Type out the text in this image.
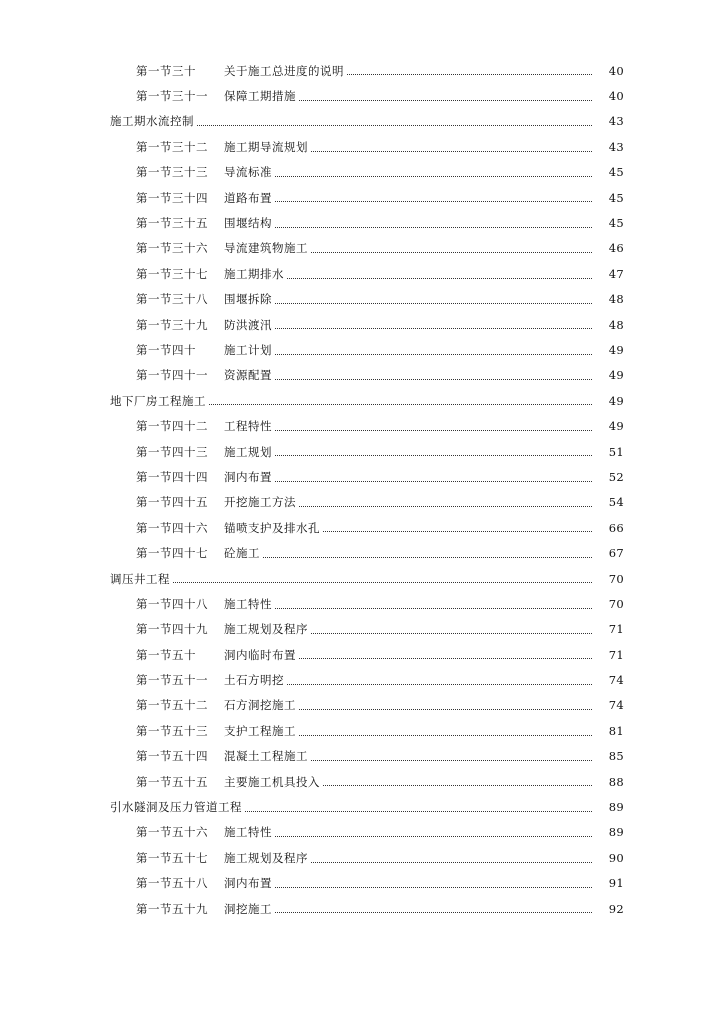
第一节三十	关于施工总进度的说明	40
第一节三十一	保障工期措施	40
施工期水流控制	43
第一节三十二	施工期导流规划	43
第一节三十三	导流标准	45
第一节三十四	道路布置	45
第一节三十五	围堰结构	45
第一节三十六	导流建筑物施工	46
第一节三十七	施工期排水	47
第一节三十八	围堰拆除	48
第一节三十九	防洪渡汛	48
第一节四十	施工计划	49
第一节四十一	资源配置	49
地下厂房工程施工	49
第一节四十二	工程特性	49
第一节四十三	施工规划	51
第一节四十四	洞内布置	52
第一节四十五	开挖施工方法	54
第一节四十六	锚喷支护及排水孔	66
第一节四十七	砼施工	67
调压井工程	70
第一节四十八	施工特性	70
第一节四十九	施工规划及程序	71
第一节五十	洞内临时布置	71
第一节五十一	土石方明挖	74
第一节五十二	石方洞挖施工	74
第一节五十三	支护工程施工	81
第一节五十四	混凝土工程施工	85
第一节五十五	主要施工机具投入	88
引水隧洞及压力管道工程	89
第一节五十六	施工特性	89
第一节五十七	施工规划及程序	90
第一节五十八	洞内布置	91
第一节五十九	洞挖施工	92
